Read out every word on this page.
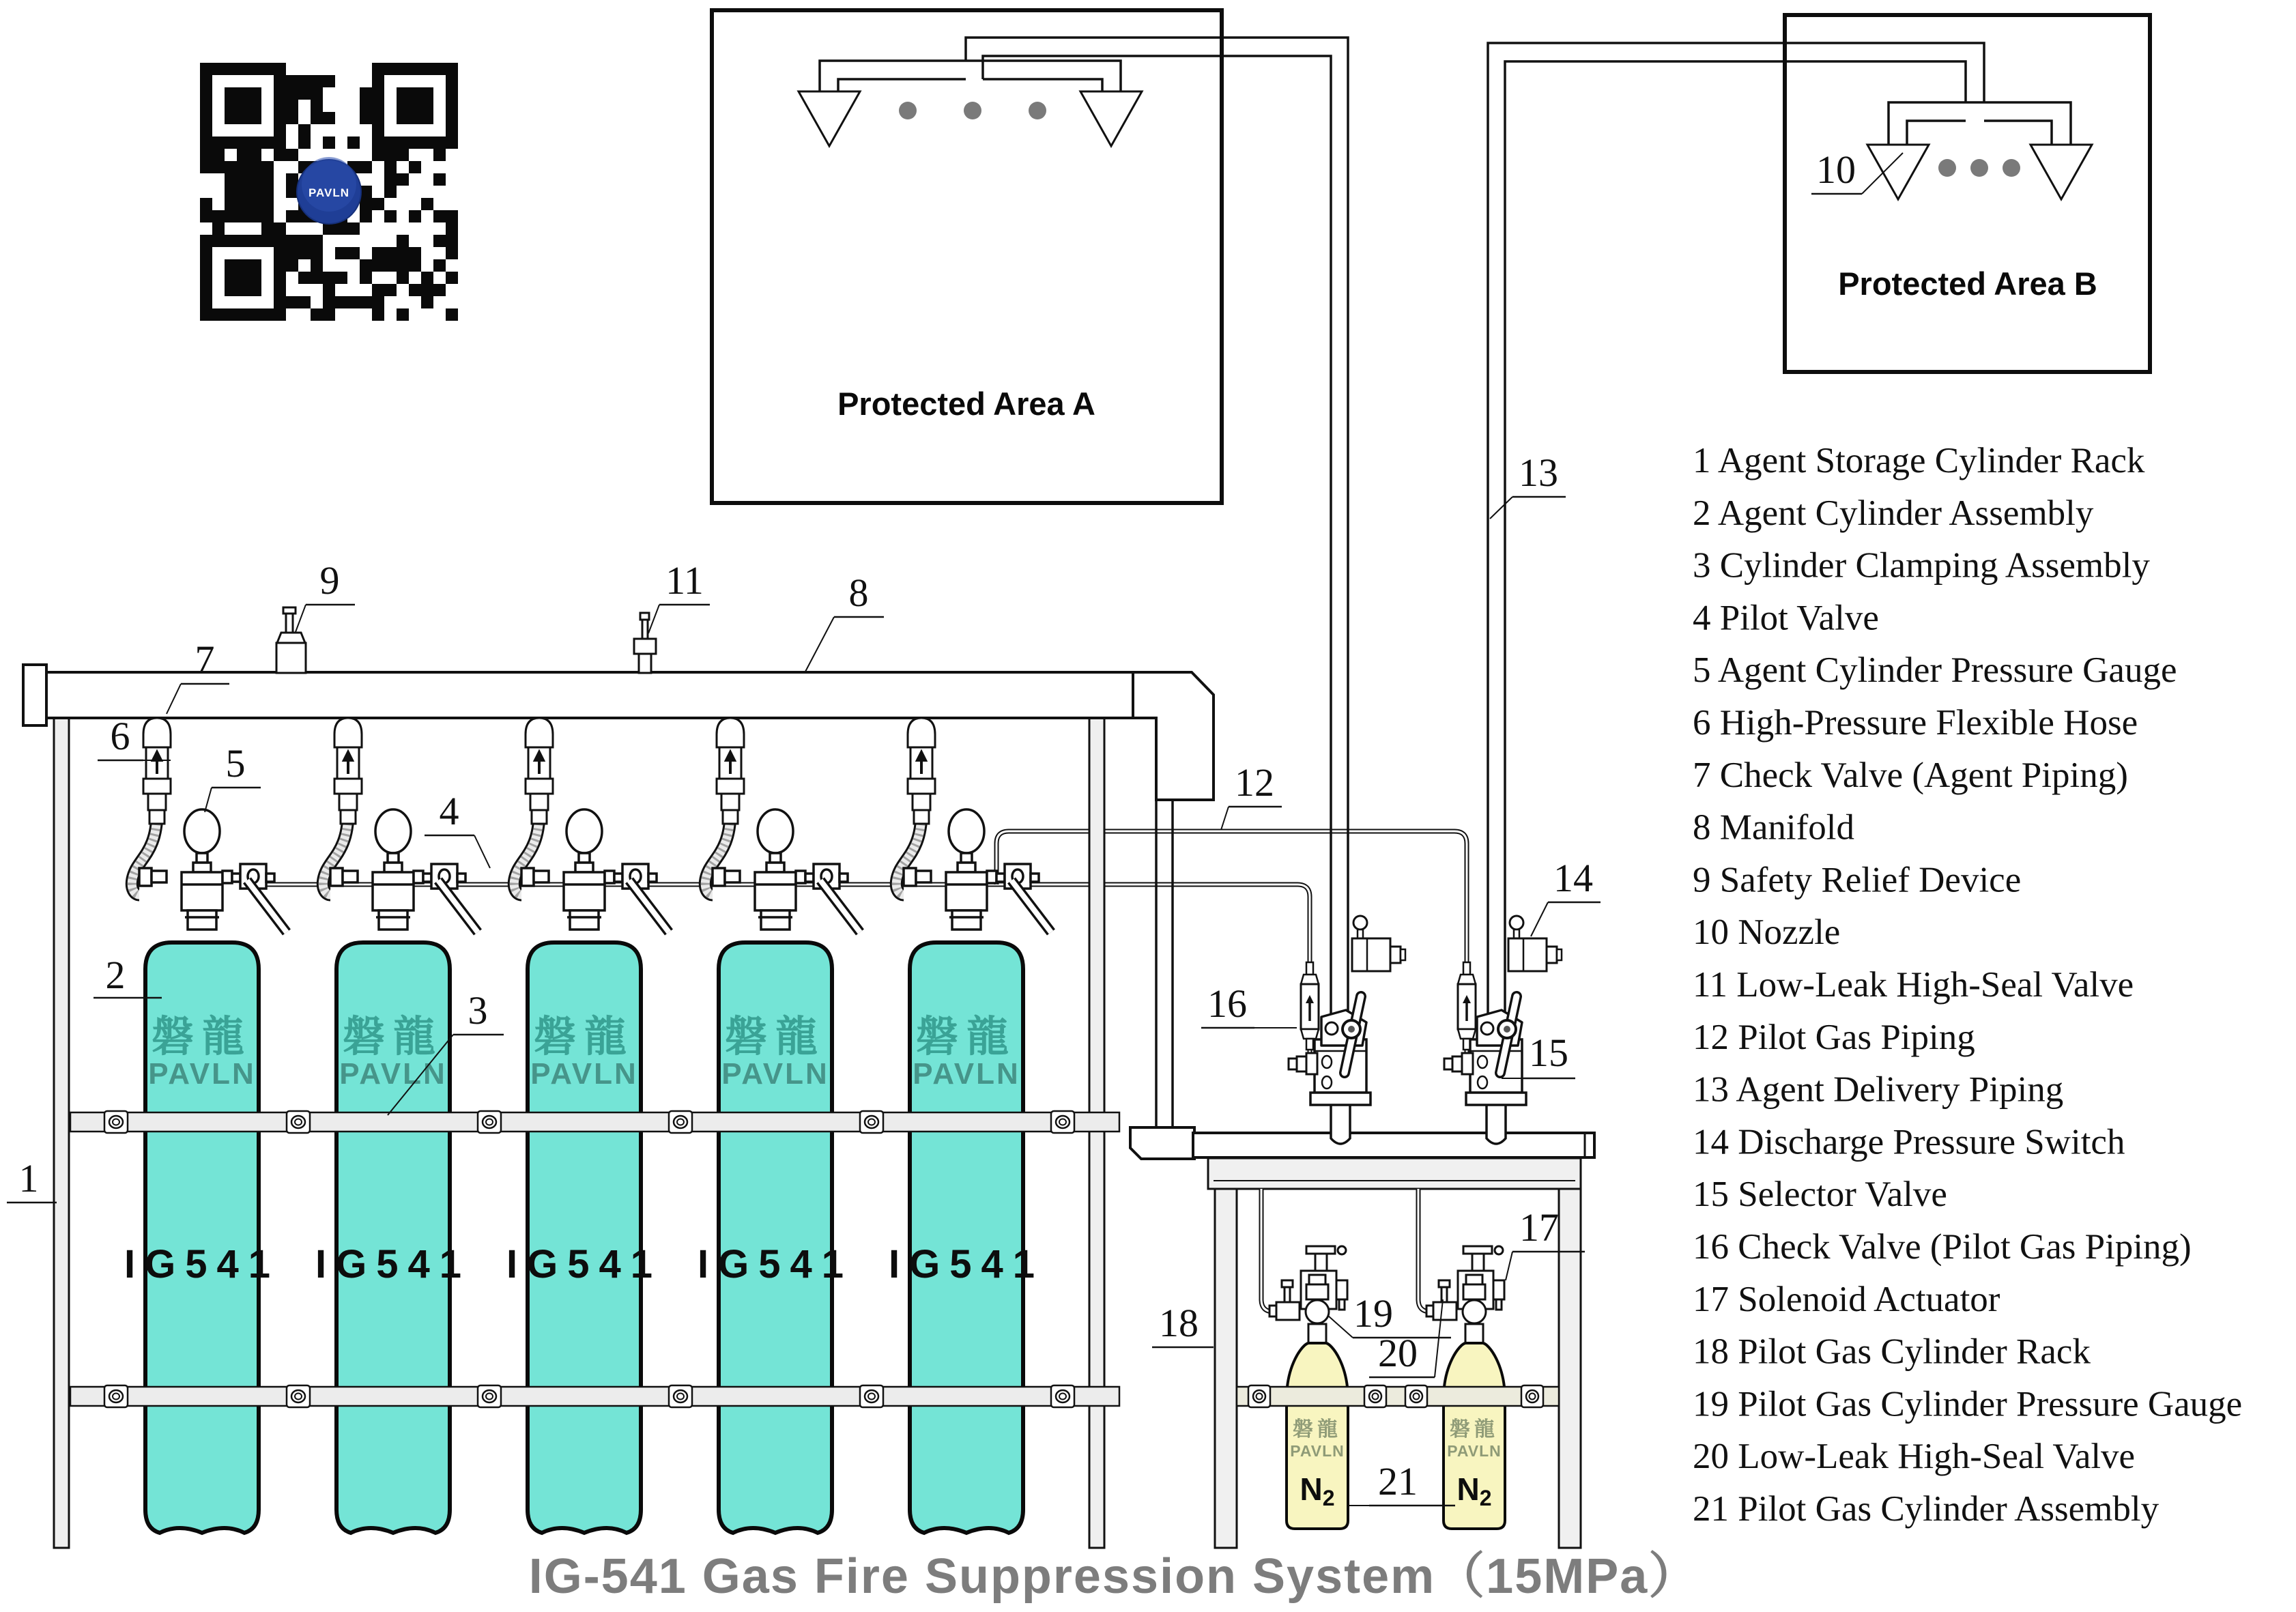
Protected Area A
Protected Area B
磐龍
PAVLN
N2
磐龍
PAVLN
N2
磐龍
PAVLN
IG541
磐龍
PAVLN
IG541
磐龍
PAVLN
IG541
磐龍
PAVLN
IG541
磐龍
PAVLN
IG541
PAVLN
1
2
3
4
5
6
7
8
9
10
11
12
13
14
15
16
17
18	19
20
21
1 Agent Storage Cylinder Rack
2 Agent Cylinder Assembly
3 Cylinder Clamping Assembly
4 Pilot Valve
5 Agent Cylinder Pressure Gauge
6 High-Pressure Flexible Hose
7 Check Valve (Agent Piping)
8 Manifold
9 Safety Relief Device
10 Nozzle
11 Low-Leak High-Seal Valve
12 Pilot Gas Piping
13 Agent Delivery Piping
14 Discharge Pressure Switch
15 Selector Valve
16 Check Valve (Pilot Gas Piping)
17 Solenoid Actuator
18 Pilot Gas Cylinder Rack
19 Pilot Gas Cylinder Pressure Gauge
20 Low-Leak High-Seal Valve
21 Pilot Gas Cylinder Assembly
IG-541 Gas Fire Suppression System（15MPa）
